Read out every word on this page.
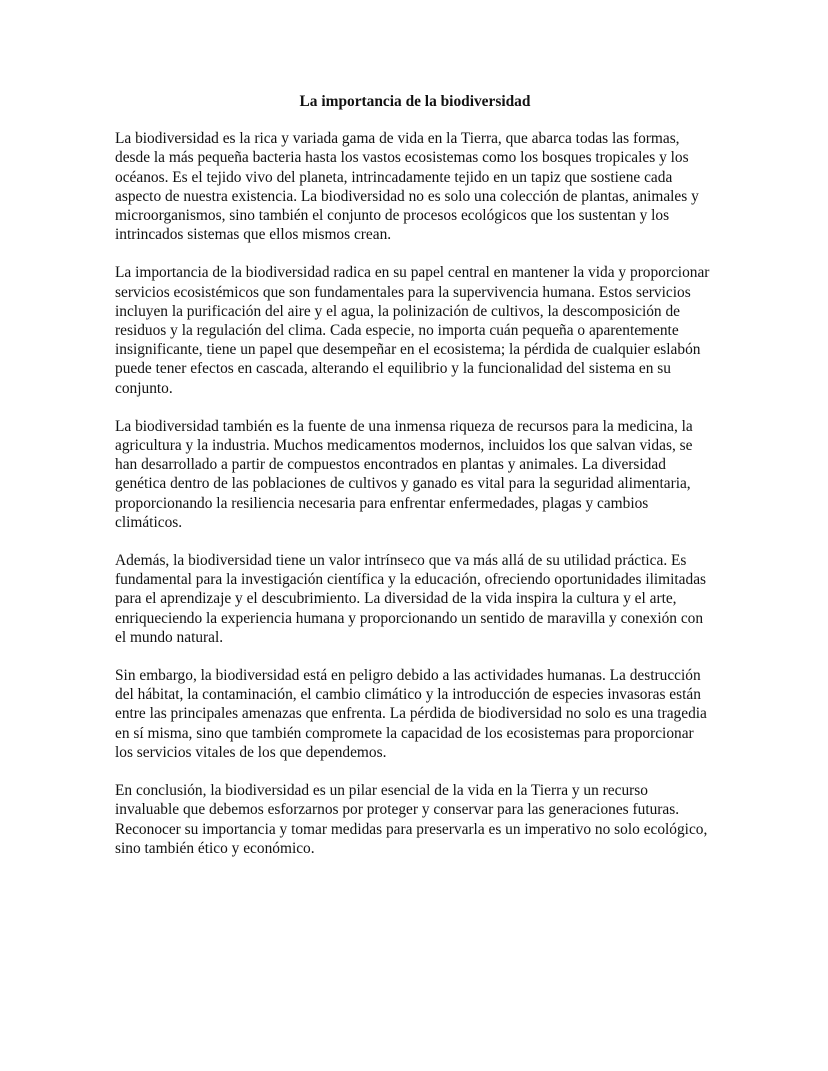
La importancia de la biodiversidad

La biodiversidad es la rica y variada gama de vida en la Tierra, que abarca todas las formas, desde la más pequeña bacteria hasta los vastos ecosistemas como los bosques tropicales y los océanos. Es el tejido vivo del planeta, intrincadamente tejido en un tapiz que sostiene cada aspecto de nuestra existencia. La biodiversidad no es solo una colección de plantas, animales y microorganismos, sino también el conjunto de procesos ecológicos que los sustentan y los intrincados sistemas que ellos mismos crean.

La importancia de la biodiversidad radica en su papel central en mantener la vida y proporcionar servicios ecosistémicos que son fundamentales para la supervivencia humana. Estos servicios incluyen la purificación del aire y el agua, la polinización de cultivos, la descomposición de residuos y la regulación del clima. Cada especie, no importa cuán pequeña o aparentemente insignificante, tiene un papel que desempeñar en el ecosistema; la pérdida de cualquier eslabón puede tener efectos en cascada, alterando el equilibrio y la funcionalidad del sistema en su conjunto.

La biodiversidad también es la fuente de una inmensa riqueza de recursos para la medicina, la agricultura y la industria. Muchos medicamentos modernos, incluidos los que salvan vidas, se han desarrollado a partir de compuestos encontrados en plantas y animales. La diversidad genética dentro de las poblaciones de cultivos y ganado es vital para la seguridad alimentaria, proporcionando la resiliencia necesaria para enfrentar enfermedades, plagas y cambios climáticos.

Además, la biodiversidad tiene un valor intrínseco que va más allá de su utilidad práctica. Es fundamental para la investigación científica y la educación, ofreciendo oportunidades ilimitadas para el aprendizaje y el descubrimiento. La diversidad de la vida inspira la cultura y el arte, enriqueciendo la experiencia humana y proporcionando un sentido de maravilla y conexión con el mundo natural.

Sin embargo, la biodiversidad está en peligro debido a las actividades humanas. La destrucción del hábitat, la contaminación, el cambio climático y la introducción de especies invasoras están entre las principales amenazas que enfrenta. La pérdida de biodiversidad no solo es una tragedia en sí misma, sino que también compromete la capacidad de los ecosistemas para proporcionar los servicios vitales de los que dependemos.

En conclusión, la biodiversidad es un pilar esencial de la vida en la Tierra y un recurso invaluable que debemos esforzarnos por proteger y conservar para las generaciones futuras. Reconocer su importancia y tomar medidas para preservarla es un imperativo no solo ecológico, sino también ético y económico.
